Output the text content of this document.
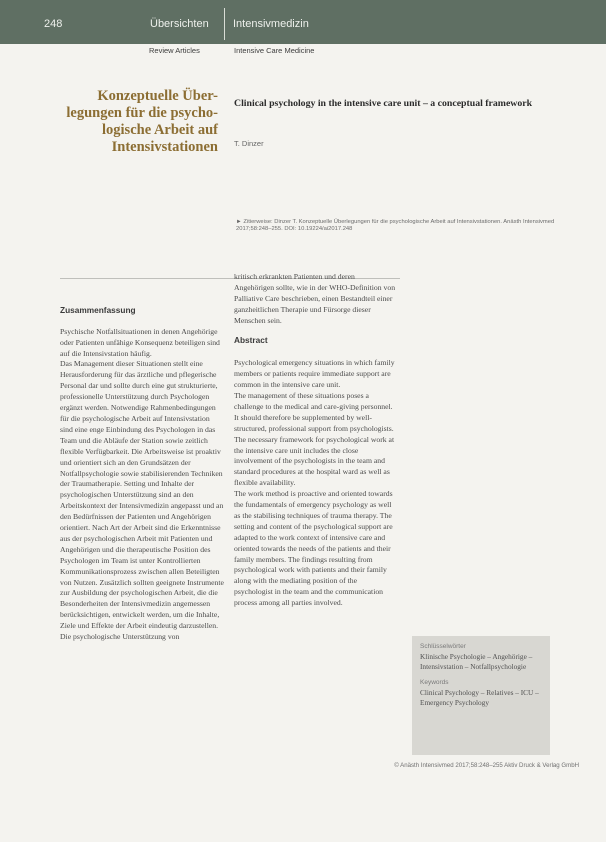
248	Übersichten Intensivmedizin
Review Articles	Intensive Care Medicine
Konzeptuelle Über-
legungen für die psycho-
logische Arbeit auf
Intensivstationen
Clinical psychology in the intensive care unit – a conceptual framework
T. Dinzer
► Zitierweise: Dinzer T. Konzeptuelle Überlegungen für die psychologische Arbeit auf Intensivstationen. Anästh Intensivmed 2017;58:248–255. DOI: 10.19224/ai2017.248

Zusammenfassung

Psychische Notfallsituationen in denen Angehörige oder Patienten unfähige Konsequenz beteiligen sind auf die Intensivstation häufig.
Das Management dieser Situationen stellt eine Herausforderung für das ärztliche und pflegerische Personal dar und sollte durch eine gut strukturierte, professionelle Unterstützung durch Psychologen ergänzt werden. Notwendige Rahmenbedingungen für die psychologische Arbeit auf Intensivstation sind eine enge Einbindung des Psychologen in das Team und die Abläufe der Station sowie zeitlich flexible Verfügbarkeit. Die Arbeitsweise ist proaktiv und orientiert sich an den Grundsätzen der Notfallpsychologie sowie stabilisierenden Techniken der Traumatherapie. Setting und Inhalte der psychologischen Unterstützung sind an den Arbeitskontext der Intensivmedizin angepasst und an den Bedürfnissen der Patienten und Angehörigen orientiert. Nach Art der Arbeit sind die Erkenntnisse aus der psychologischen Arbeit mit Patienten und Angehörigen und die therapeutische Position des Psychologen im Team ist unter Kontrollierten Kommunikationsprozess zwischen allen Beteiligten von Nutzen. Zusätzlich sollten geeignete Instrumente zur Ausbildung der psychologischen Arbeit, die die Besonderheiten der Intensivmedizin angemessen berücksichtigen, entwickelt werden, um die Inhalte, Ziele und Effekte der Arbeit eindeutig darzustellen. Die psychologische Unterstützung von

kritisch erkrankten Patienten und deren Angehörigen sollte, wie in der WHO-Definition von Palliative Care beschrieben, einen Bestandteil einer ganzheitlichen Therapie und Fürsorge dieser Menschen sein.

Abstract

Psychological emergency situations in which family members or patients require immediate support are common in the intensive care unit.
The management of these situations poses a challenge to the medical and care-giving personnel. It should therefore be supplemented by well-structured, professional support from psychologists. The necessary framework for psychological work at the intensive care unit includes the close involvement of the psychologists in the team and standard procedures at the hospital ward as well as flexible availability.
The work method is proactive and oriented towards the fundamentals of emergency psychology as well as the stabilising techniques of trauma therapy. The setting and content of the psychological support are adapted to the work context of intensive care and oriented towards the needs of the patients and their family members. The findings resulting from psychological work with patients and their family along with the mediating position of the psychologist in the team and the communication process among all parties involved.

Schlüsselwörter
Klinische Psychologie – Angehörige – Intensivstation – Notfallpsychologie
Keywords
Clinical Psychology – Relatives – ICU – Emergency Psychology
© Anästh Intensivmed 2017;58:248–255 Aktiv Druck & Verlag GmbH
